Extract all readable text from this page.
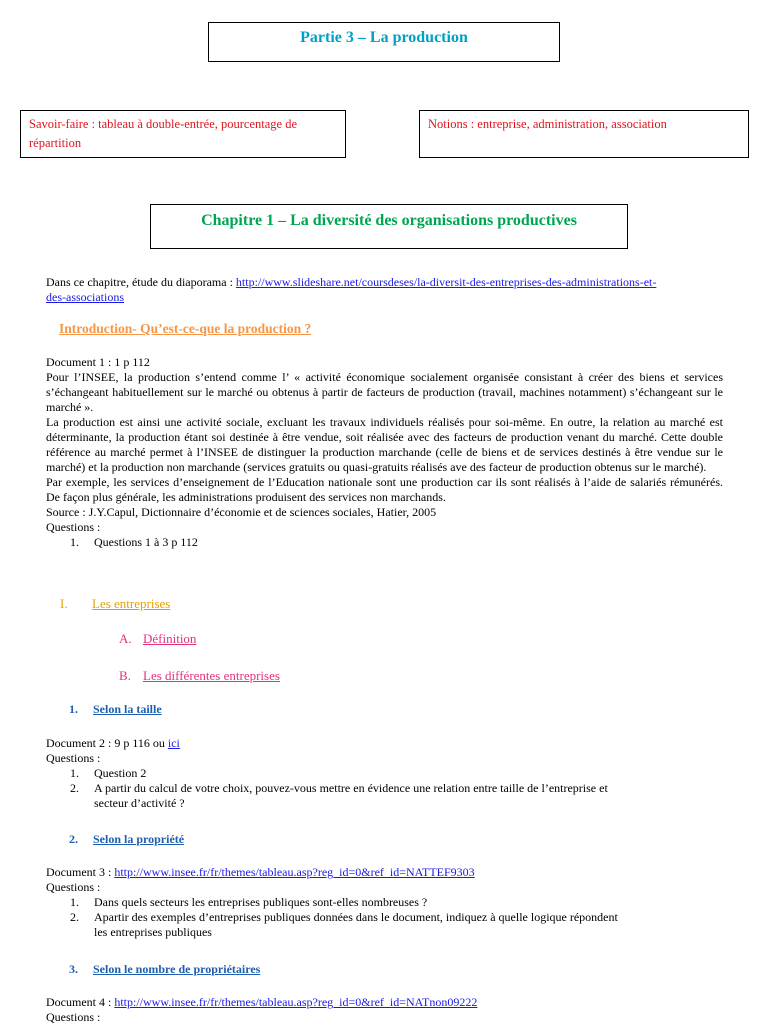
Partie 3 – La production
Savoir-faire : tableau à double-entrée, pourcentage de répartition
Notions : entreprise, administration, association
Chapitre 1 – La diversité des organisations productives
Dans ce chapitre, étude du diaporama : http://www.slideshare.net/coursdeses/la-diversit-des-entreprises-des-administrations-et-
des-associations
Introduction- Qu’est-ce-que la production ?
Document 1 : 1 p 112
Pour l’INSEE, la production s’entend comme l’ « activité économique socialement organisée consistant à créer des biens et services s’échangeant habituellement sur le marché ou obtenus à partir de facteurs de production (travail, machines notamment) s’échangeant sur le marché ».
La production est ainsi une activité sociale, excluant les travaux individuels réalisés pour soi-même. En outre, la relation au marché est déterminante, la production étant soi destinée à être vendue, soit réalisée avec des facteurs de production venant du marché. Cette double référence au marché permet à l’INSEE de distinguer la production marchande (celle de biens et de services destinés à être vendue sur le marché) et la production non marchande (services gratuits ou quasi-gratuits réalisés ave des facteur de production obtenus sur le marché).
Par exemple, les services d’enseignement de l’Education nationale sont une production car ils sont réalisés à l’aide de salariés rémunérés. De façon plus générale, les administrations produisent des services non marchands.
Source : J.Y.Capul, Dictionnaire d’économie et de sciences sociales, Hatier, 2005
Questions :
1. Questions 1 à 3 p 112
I. Les entreprises
A. Définition
B. Les différentes entreprises
1. Selon la taille
Document 2 : 9 p 116 ou ici
Questions :
1. Question 2
2. A partir du calcul de votre choix, pouvez-vous mettre en évidence une relation entre taille de l’entreprise et
secteur d’activité ?
2. Selon la propriété
Document 3 : http://www.insee.fr/fr/themes/tableau.asp?reg_id=0&ref_id=NATTEF9303
Questions :
1. Dans quels secteurs les entreprises publiques sont-elles nombreuses ?
2. Apartir des exemples d’entreprises publiques données dans le document, indiquez à quelle logique répondent
les entreprises publiques
3. Selon le nombre de propriétaires
Document 4 : http://www.insee.fr/fr/themes/tableau.asp?reg_id=0&ref_id=NATnon09222
Questions :
